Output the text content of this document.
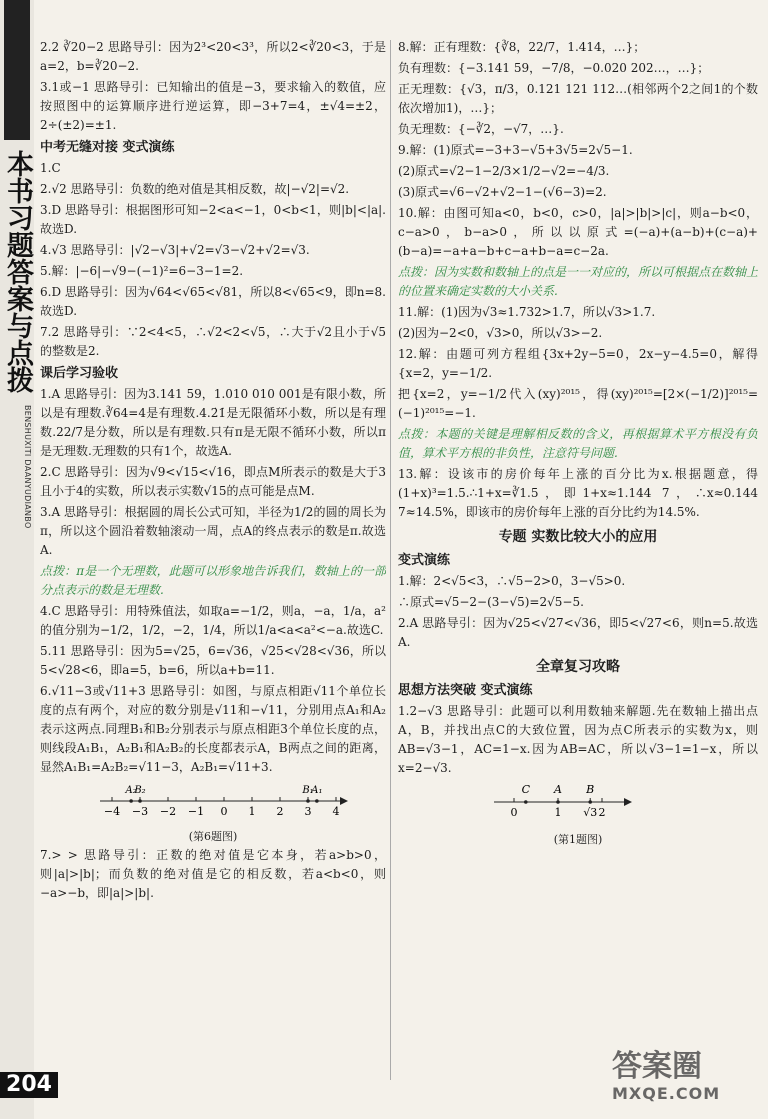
本书习题答案与点拨
BENSHUXITI DAANYUDIANBO
2.2 ∛20−2 思路导引：因为2³<20<3³，所以2<∛20<3，于是a=2，b=∛20−2.
3.1或−1 思路导引：已知输出的值是−3，要求输入的数值，应按照图中的运算顺序进行逆运算，即−3+7=4，±√4=±2，2÷(±2)=±1.
中考无缝对接 变式演练
1.C
2.√2 思路导引：负数的绝对值是其相反数，故|−√2|=√2.
3.D 思路导引：根据图形可知−2<a<−1，0<b<1，则|b|<|a|.故选D.
4.√3 思路导引：|√2−√3|+√2=√3−√2+√2=√3.
5.解：|−6|−√9−(−1)²=6−3−1=2.
6.D 思路导引：因为√64<√65<√81，所以8<√65<9，即n=8.故选D.
7.2 思路导引：∵2<4<5，∴√2<2<√5，∴大于√2且小于√5的整数是2.
课后学习验收
1.A 思路导引：因为3.141 59，1.010 010 001是有限小数，所以是有理数.∛64=4是有理数.4.2̇1̇是无限循环小数，所以是有理数.22/7是分数，所以是有理数.只有π是无限不循环小数，所以π是无理数.无理数的只有1个，故选A.
2.C 思路导引：因为√9<√15<√16，即点M所表示的数是大于3且小于4的实数，所以表示实数√15的点可能是点M.
3.A 思路导引：根据圆的周长公式可知，半径为1/2的圆的周长为π，所以这个圆沿着数轴滚动一周，点A的终点表示的数是π.故选A.
点拨：π是一个无理数，此题可以形象地告诉我们，数轴上的一部分点表示的数是无理数.
4.C 思路导引：用特殊值法，如取a=−1/2，则a，−a，1/a，a²的值分别为−1/2，1/2，−2，1/4，所以1/a<a<a²<−a.故选C.
5.11 思路导引：因为5=√25，6=√36，√25<√28<√36，所以5<√28<6，即a=5，b=6，所以a+b=11.
6.√11−3或√11+3 思路导引：如图，与原点相距√11个单位长度的点有两个，对应的数分别是√11和−√11，分别用点A₁和A₂表示这两点.同理B₁和B₂分别表示与原点相距3个单位长度的点，则线段A₁B₁，A₂B₁和A₂B₂的长度都表示A，B两点之间的距离，显然A₁B₁=A₂B₂=√11−3，A₂B₁=√11+3.
−4 −3 −2 −1 0 1 2 3 4
A₂
B₂	B₁
A₁
(第6题图)
7.> > 思路导引：正数的绝对值是它本身，若a>b>0，则|a|>|b|；而负数的绝对值是它的相反数，若a<b<0，则−a>−b，即|a|>|b|.
8.解：正有理数：{∛8，22/7，1.414，…}；
负有理数：{−3.141 59，−7/8，−0.020 202…，…}；
正无理数：{√3，π/3，0.121 121 112…(相邻两个2之间1的个数依次增加1)，…}；
负无理数：{−∛2，−√7，…}.
9.解：(1)原式=−3+3−√5+3√5=2√5−1.
(2)原式=√2−1−2/3×1/2−√2=−4/3.
(3)原式=√6−√2+√2−1−(√6−3)=2.
10.解：由图可知a<0，b<0，c>0，|a|>|b|>|c|，则a−b<0，c−a>0，b−a>0，所以以原式=(−a)+(a−b)+(c−a)+(b−a)=−a+a−b+c−a+b−a=c−2a.
点拨：因为实数和数轴上的点是一一对应的，所以可根据点在数轴上的位置来确定实数的大小关系.
11.解：(1)因为√3≈1.732>1.7，所以√3>1.7.
(2)因为−2<0，√3>0，所以√3>−2.
12.解：由题可列方程组{3x+2y−5=0，2x−y−4.5=0，解得{x=2，y=−1/2.
把{x=2，y=−1/2代入(xy)²⁰¹⁵，得(xy)²⁰¹⁵=[2×(−1/2)]²⁰¹⁵=(−1)²⁰¹⁵=−1.
点拨：本题的关键是理解相反数的含义，再根据算术平方根没有负值，算术平方根的非负性，注意符号问题.
13.解：设该市的房价每年上涨的百分比为x.根据题意，得(1+x)³=1.5.∴1+x=∛1.5，即1+x≈1.144 7，∴x≈0.144 7≈14.5%，即该市的房价每年上涨的百分比约为14.5%.
专题 实数比较大小的应用
变式演练
1.解：2<√5<3，∴√5−2>0，3−√5>0.
∴原式=√5−2−(3−√5)=2√5−5.
2.A 思路导引：因为√25<√27<√36，即5<√27<6，则n=5.故选A.
全章复习攻略
思想方法突破 变式演练
1.2−√3 思路导引：此题可以利用数轴来解题.先在数轴上描出点A，B，并找出点C的大致位置，因为点C所表示的实数为x，则AB=√3−1，AC=1−x.因为AB=AC，所以√3−1=1−x，所以x=2−√3.
0	1 √3 2
C A B
(第1题图)
204
答案圈
MXQE.COM
